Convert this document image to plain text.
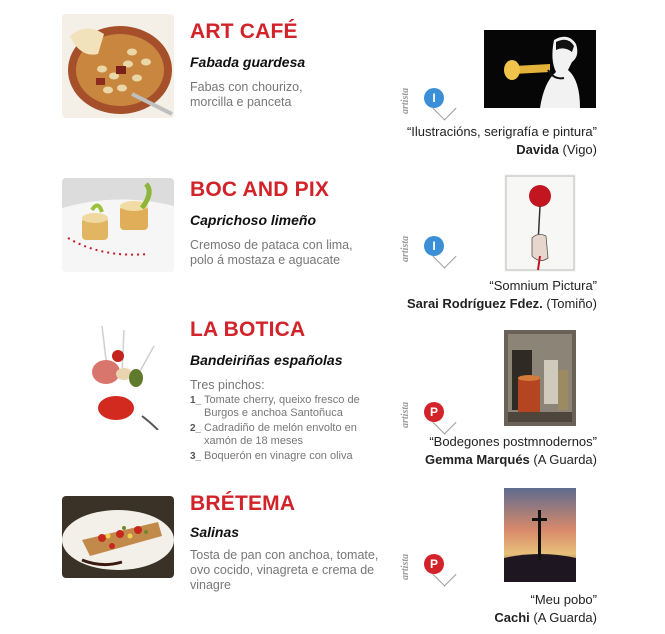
ART CAFÉ
Fabada guardesa
Fabas con chourizo, morcilla e panceta	artista	I
“Ilustracións, serigrafía e pintura”
Davida (Vigo)
BOC AND PIX
Caprichoso limeño
Cremoso de pataca con lima, polo á mostaza e aguacate	artista	I
“Somnium Pictura”
Sarai Rodríguez Fdez. (Tomiño)
LA BOTICA
Bandeiriñas españolas
Tres pinchos:
1_ Tomate cherry, queixo fresco de Burgos e anchoa Santoñuca
2_ Cadradiño de melón envolto en xamón de 18 meses
3_ Boquerón en vinagre con oliva
artista	P
“Bodegones postmnodernos”
Gemma Marqués (A Guarda)
BRÉTEMA
Salinas
Tosta de pan con anchoa, tomate, ovo cocido, vinagreta e crema de vinagre
artista	P
“Meu pobo”
Cachi (A Guarda)
